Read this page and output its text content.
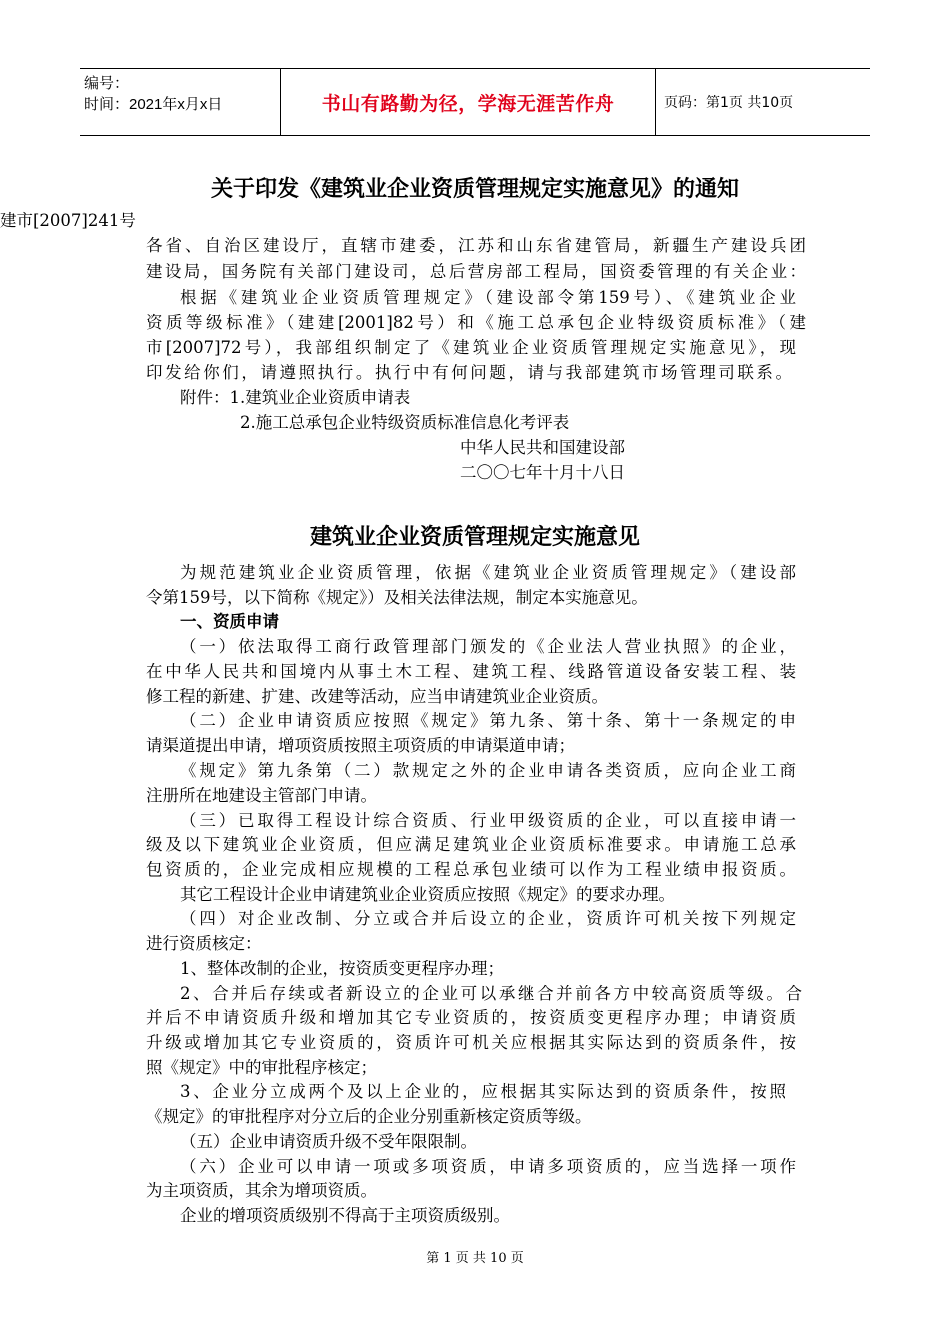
编号：
时间：2021年x月x日	书山有路勤为径，学海无涯苦作舟	页码：第1页 共10页
关于印发《建筑业企业资质管理规定实施意见》的通知
建市[2007]241号
各省、自治区建设厅，直辖市建委，江苏和山东省建管局，新疆生产建设兵团
建设局，国务院有关部门建设司，总后营房部工程局，国资委管理的有关企业：
根据《建筑业企业资质管理规定》（建设部令第159号）、《建筑业企业
资质等级标准》（建建[2001]82号）和《施工总承包企业特级资质标准》（建
市[2007]72号），我部组织制定了《建筑业企业资质管理规定实施意见》，现
印发给你们，请遵照执行。执行中有何问题，请与我部建筑市场管理司联系。
附件：1.建筑业企业资质申请表
2.施工总承包企业特级资质标准信息化考评表
中华人民共和国建设部
二〇〇七年十月十八日
建筑业企业资质管理规定实施意见
为规范建筑业企业资质管理，依据《建筑业企业资质管理规定》（建设部
令第159号，以下简称《规定》）及相关法律法规，制定本实施意见。
一、资质申请
（一）依法取得工商行政管理部门颁发的《企业法人营业执照》的企业，
在中华人民共和国境内从事土木工程、建筑工程、线路管道设备安装工程、装
修工程的新建、扩建、改建等活动，应当申请建筑业企业资质。
（二）企业申请资质应按照《规定》第九条、第十条、第十一条规定的申
请渠道提出申请，增项资质按照主项资质的申请渠道申请；
《规定》第九条第（二）款规定之外的企业申请各类资质，应向企业工商
注册所在地建设主管部门申请。
（三）已取得工程设计综合资质、行业甲级资质的企业，可以直接申请一
级及以下建筑业企业资质，但应满足建筑业企业资质标准要求。申请施工总承
包资质的，企业完成相应规模的工程总承包业绩可以作为工程业绩申报资质。
其它工程设计企业申请建筑业企业资质应按照《规定》的要求办理。
（四）对企业改制、分立或合并后设立的企业，资质许可机关按下列规定
进行资质核定：
1、整体改制的企业，按资质变更程序办理；
2、合并后存续或者新设立的企业可以承继合并前各方中较高资质等级。合
并后不申请资质升级和增加其它专业资质的，按资质变更程序办理；申请资质
升级或增加其它专业资质的，资质许可机关应根据其实际达到的资质条件，按
照《规定》中的审批程序核定；
3、企业分立成两个及以上企业的，应根据其实际达到的资质条件，按照
《规定》的审批程序对分立后的企业分别重新核定资质等级。
（五）企业申请资质升级不受年限限制。
（六）企业可以申请一项或多项资质，申请多项资质的，应当选择一项作
为主项资质，其余为增项资质。
企业的增项资质级别不得高于主项资质级别。
第 1 页 共 10 页
